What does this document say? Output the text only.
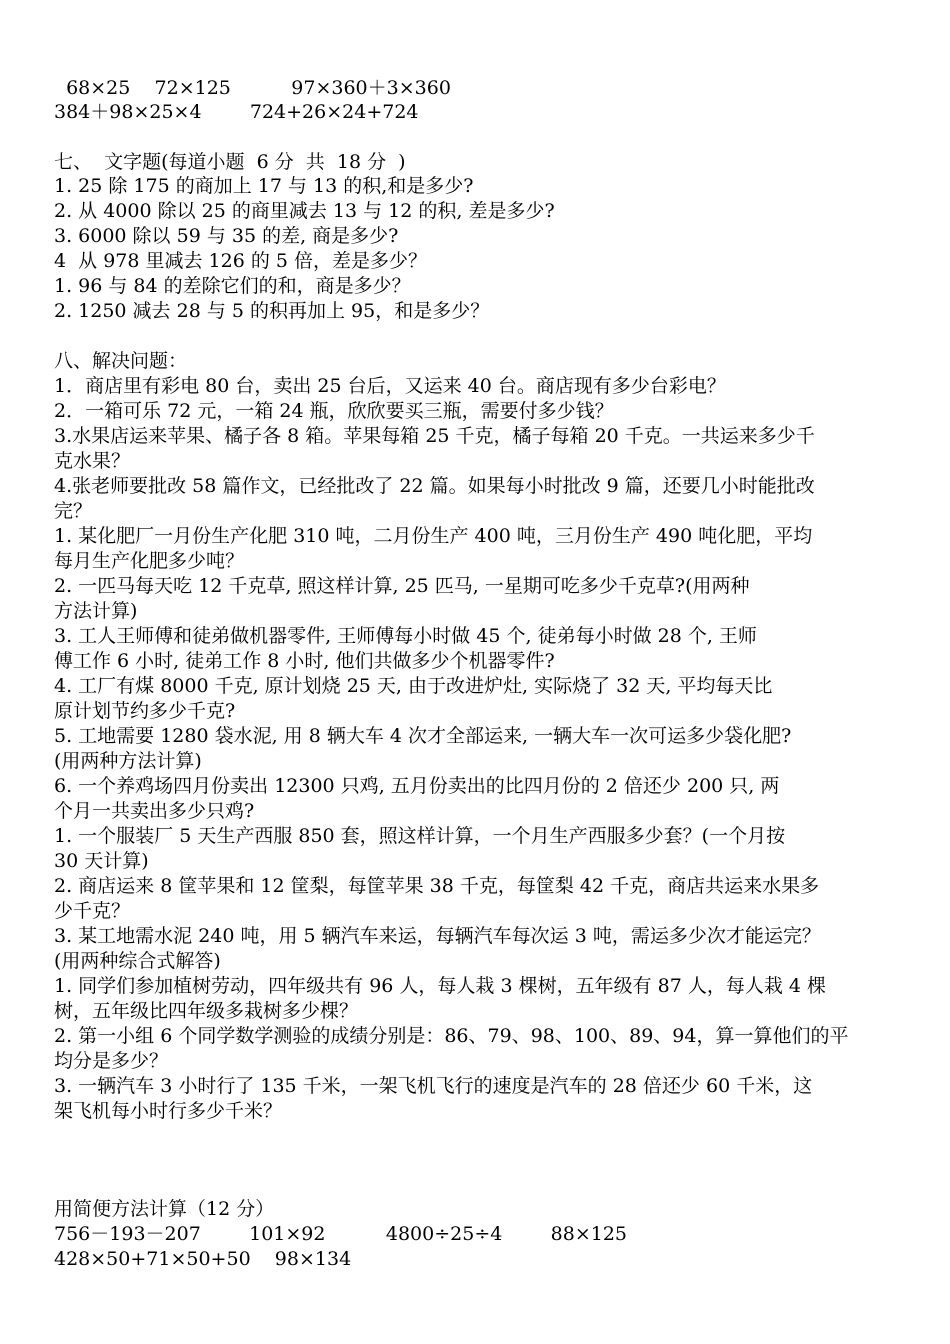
68×25    72×125          97×360＋3×360
384＋98×25×4        724+26×24+724
七、  文字题(每道小题  6 分  共  18 分  )
1. 25 除 175 的商加上 17 与 13 的积,和是多少?
2. 从 4000 除以 25 的商里减去 13 与 12 的积, 差是多少?
3. 6000 除以 59 与 35 的差, 商是多少?
4  从 978 里减去 126 的 5 倍，差是多少？
1. 96 与 84 的差除它们的和，商是多少？
2. 1250 减去 28 与 5 的积再加上 95，和是多少？
八、解决问题：
1．商店里有彩电 80 台，卖出 25 台后，又运来 40 台。商店现有多少台彩电？
2．一箱可乐 72 元，一箱 24 瓶，欣欣要买三瓶，需要付多少钱？
3.水果店运来苹果、橘子各 8 箱。苹果每箱 25 千克，橘子每箱 20 千克。一共运来多少千
克水果？
4.张老师要批改 58 篇作文，已经批改了 22 篇。如果每小时批改 9 篇，还要几小时能批改
完？
1. 某化肥厂一月份生产化肥 310 吨，二月份生产 400 吨，三月份生产 490 吨化肥，平均
每月生产化肥多少吨？
2. 一匹马每天吃 12 千克草, 照这样计算, 25 匹马, 一星期可吃多少千克草?(用两种
方法计算)
3. 工人王师傅和徒弟做机器零件, 王师傅每小时做 45 个, 徒弟每小时做 28 个, 王师
傅工作 6 小时, 徒弟工作 8 小时, 他们共做多少个机器零件?
4. 工厂有煤 8000 千克, 原计划烧 25 天, 由于改进炉灶, 实际烧了 32 天, 平均每天比
原计划节约多少千克?
5. 工地需要 1280 袋水泥, 用 8 辆大车 4 次才全部运来, 一辆大车一次可运多少袋化肥?
(用两种方法计算)
6. 一个养鸡场四月份卖出 12300 只鸡, 五月份卖出的比四月份的 2 倍还少 200 只, 两
个月一共卖出多少只鸡?
1. 一个服装厂 5 天生产西服 850 套，照这样计算，一个月生产西服多少套？(一个月按
30 天计算)
2. 商店运来 8 筐苹果和 12 筐梨，每筐苹果 38 千克，每筐梨 42 千克，商店共运来水果多
少千克？
3. 某工地需水泥 240 吨，用 5 辆汽车来运，每辆汽车每次运 3 吨，需运多少次才能运完？
(用两种综合式解答)
1. 同学们参加植树劳动，四年级共有 96 人，每人栽 3 棵树，五年级有 87 人，每人栽 4 棵
树，五年级比四年级多栽树多少棵？
2. 第一小组 6 个同学数学测验的成绩分别是：86、79、98、100、89、94，算一算他们的平
均分是多少？
3. 一辆汽车 3 小时行了 135 千米，一架飞机飞行的速度是汽车的 28 倍还少 60 千米，这
架飞机每小时行多少千米？
用简便方法计算（12 分）
756－193－207        101×92          4800÷25÷4        88×125
428×50+71×50+50    98×134
